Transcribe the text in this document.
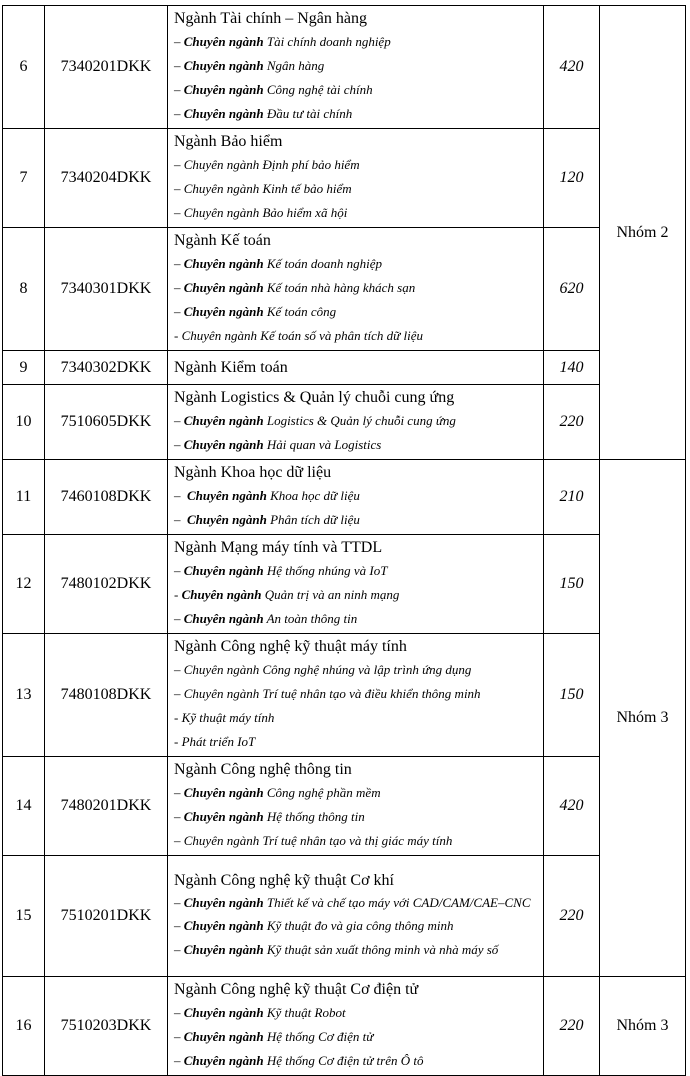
6	7340201DKK	Ngành Tài chính – Ngân hàng
– Chuyên ngành Tài chính doanh nghiệp
– Chuyên ngành Ngân hàng
– Chuyên ngành Công nghệ tài chính
– Chuyên ngành Đầu tư tài chính	420	Nhóm 2
7	7340204DKK	Ngành Bảo hiểm
– Chuyên ngành Định phí bảo hiểm
– Chuyên ngành Kinh tế bảo hiểm
– Chuyên ngành Bảo hiểm xã hội	120	
8	7340301DKK	Ngành Kế toán
– Chuyên ngành Kế toán doanh nghiệp
– Chuyên ngành Kế toán nhà hàng khách sạn
– Chuyên ngành Kế toán công
- Chuyên ngành Kế toán số và phân tích dữ liệu	620	
9	7340302DKK	Ngành Kiểm toán	140	
10	7510605DKK	Ngành Logistics & Quản lý chuỗi cung ứng
– Chuyên ngành Logistics & Quản lý chuỗi cung ứng
– Chuyên ngành Hải quan và Logistics	220	
11	7460108DKK	Ngành Khoa học dữ liệu
–  Chuyên ngành Khoa học dữ liệu
–  Chuyên ngành Phân tích dữ liệu	210	Nhóm 3
12	7480102DKK	Ngành Mạng máy tính và TTDL
– Chuyên ngành Hệ thống nhúng và IoT
- Chuyên ngành Quản trị và an ninh mạng
– Chuyên ngành An toàn thông tin	150	
13	7480108DKK	Ngành Công nghệ kỹ thuật máy tính
– Chuyên ngành Công nghệ nhúng và lập trình ứng dụng
– Chuyên ngành Trí tuệ nhân tạo và điều khiển thông minh
- Kỹ thuật máy tính
- Phát triển IoT	150	
14	7480201DKK	Ngành Công nghệ thông tin
– Chuyên ngành Công nghệ phần mềm
– Chuyên ngành Hệ thống thông tin
– Chuyên ngành Trí tuệ nhân tạo và thị giác máy tính	420	
15	7510201DKK	Ngành Công nghệ kỹ thuật Cơ khí
– Chuyên ngành Thiết kế và chế tạo máy với CAD/CAM/CAE–CNC
– Chuyên ngành Kỹ thuật đo và gia công thông minh
– Chuyên ngành Kỹ thuật sản xuất thông minh và nhà máy số	220	
16	7510203DKK	Ngành Công nghệ kỹ thuật Cơ điện tử
– Chuyên ngành Kỹ thuật Robot
– Chuyên ngành Hệ thống Cơ điện tử
– Chuyên ngành Hệ thống Cơ điện tử trên Ô tô	220	Nhóm 3
